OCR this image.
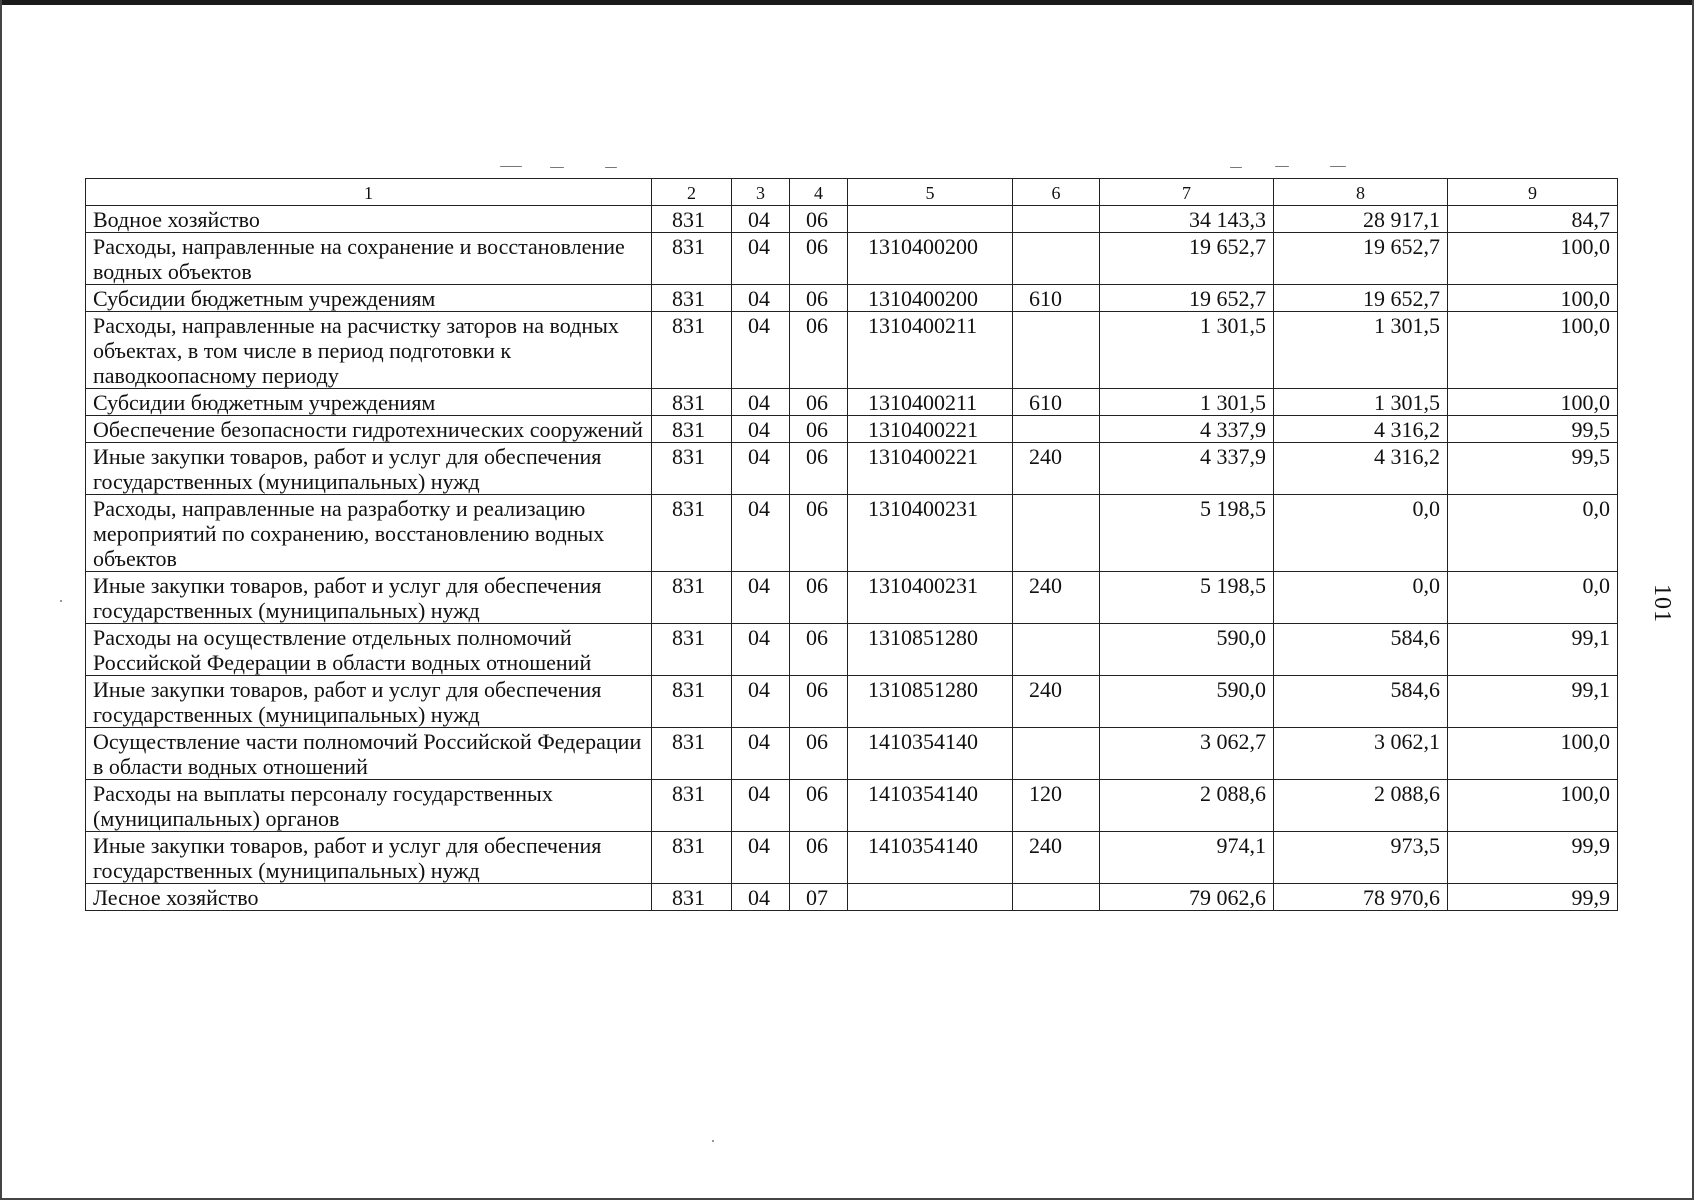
1	2	3	4	5	6	7	8	9
Водное хозяйство	831	04	06			34 143,3	28 917,1	84,7
Расходы, направленные на сохранение и восстановление водных объектов	831	04	06	1310400200		19 652,7	19 652,7	100,0
Субсидии бюджетным учреждениям	831	04	06	1310400200	610	19 652,7	19 652,7	100,0
Расходы, направленные на расчистку заторов на водных объектах, в том числе в период подготовки к паводкоопасному периоду	831	04	06	1310400211		1 301,5	1 301,5	100,0
Субсидии бюджетным учреждениям	831	04	06	1310400211	610	1 301,5	1 301,5	100,0
Обеспечение безопасности гидротехнических сооружений	831	04	06	1310400221		4 337,9	4 316,2	99,5
Иные закупки товаров, работ и услуг для обеспечения государственных (муниципальных) нужд	831	04	06	1310400221	240	4 337,9	4 316,2	99,5
Расходы, направленные на разработку и реализацию мероприятий по сохранению, восстановлению водных объектов	831	04	06	1310400231		5 198,5	0,0	0,0
Иные закупки товаров, работ и услуг для обеспечения государственных (муниципальных) нужд	831	04	06	1310400231	240	5 198,5	0,0	0,0
Расходы на осуществление отдельных полномочий Российской Федерации в области водных отношений	831	04	06	1310851280		590,0	584,6	99,1
Иные закупки товаров, работ и услуг для обеспечения государственных (муниципальных) нужд	831	04	06	1310851280	240	590,0	584,6	99,1
Осуществление части полномочий Российской Федерации в области водных отношений	831	04	06	1410354140		3 062,7	3 062,1	100,0
Расходы на выплаты персоналу государственных (муниципальных) органов	831	04	06	1410354140	120	2 088,6	2 088,6	100,0
Иные закупки товаров, работ и услуг для обеспечения государственных (муниципальных) нужд	831	04	06	1410354140	240	974,1	973,5	99,9
Лесное хозяйство	831	04	07			79 062,6	78 970,6	99,9
101
